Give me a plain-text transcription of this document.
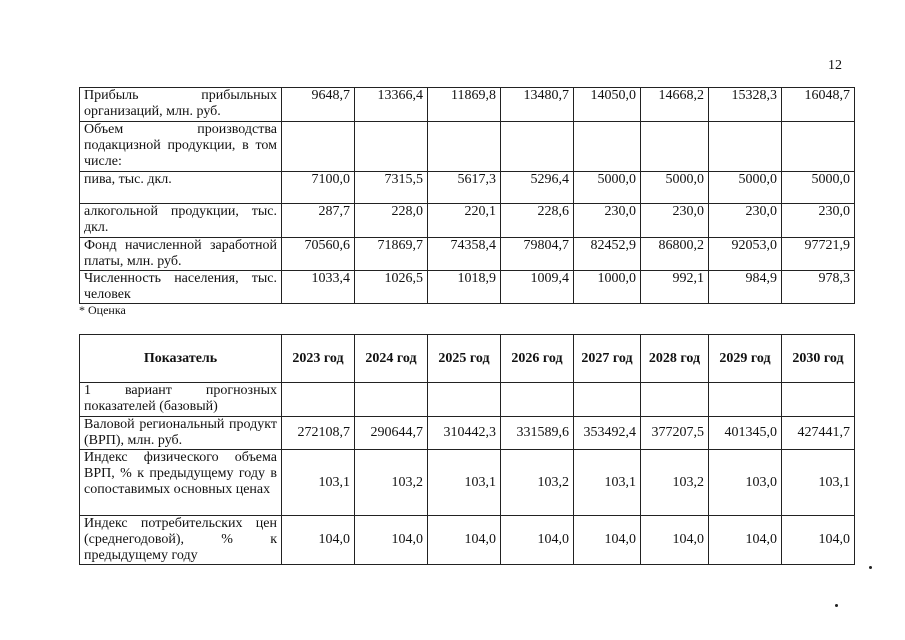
12
Прибыль прибыльных организаций, млн. руб.	9648,7	13366,4	11869,8	13480,7	14050,0	14668,2	15328,3	16048,7
Объем производства подакцизной продукции, в том числе:								
пива, тыс. дкл.	7100,0	7315,5	5617,3	5296,4	5000,0	5000,0	5000,0	5000,0
алкогольной продукции, тыс. дкл.	287,7	228,0	220,1	228,6	230,0	230,0	230,0	230,0
Фонд начисленной заработной платы, млн. руб.	70560,6	71869,7	74358,4	79804,7	82452,9	86800,2	92053,0	97721,9
Численность населения, тыс. человек	1033,4	1026,5	1018,9	1009,4	1000,0	992,1	984,9	978,3
* Оценка
Показатель	2023 год	2024 год	2025 год	2026 год	2027 год	2028 год	2029 год	2030 год
1 вариант прогнозных показателей (базовый)								
Валовой региональный продукт (ВРП), млн. руб.	272108,7	290644,7	310442,3	331589,6	353492,4	377207,5	401345,0	427441,7
Индекс физического объема ВРП, % к предыдущему году в сопоставимых основных ценах	103,1	103,2	103,1	103,2	103,1	103,2	103,0	103,1
Индекс потребительских цен (среднегодовой), % к предыдущему году	104,0	104,0	104,0	104,0	104,0	104,0	104,0	104,0
